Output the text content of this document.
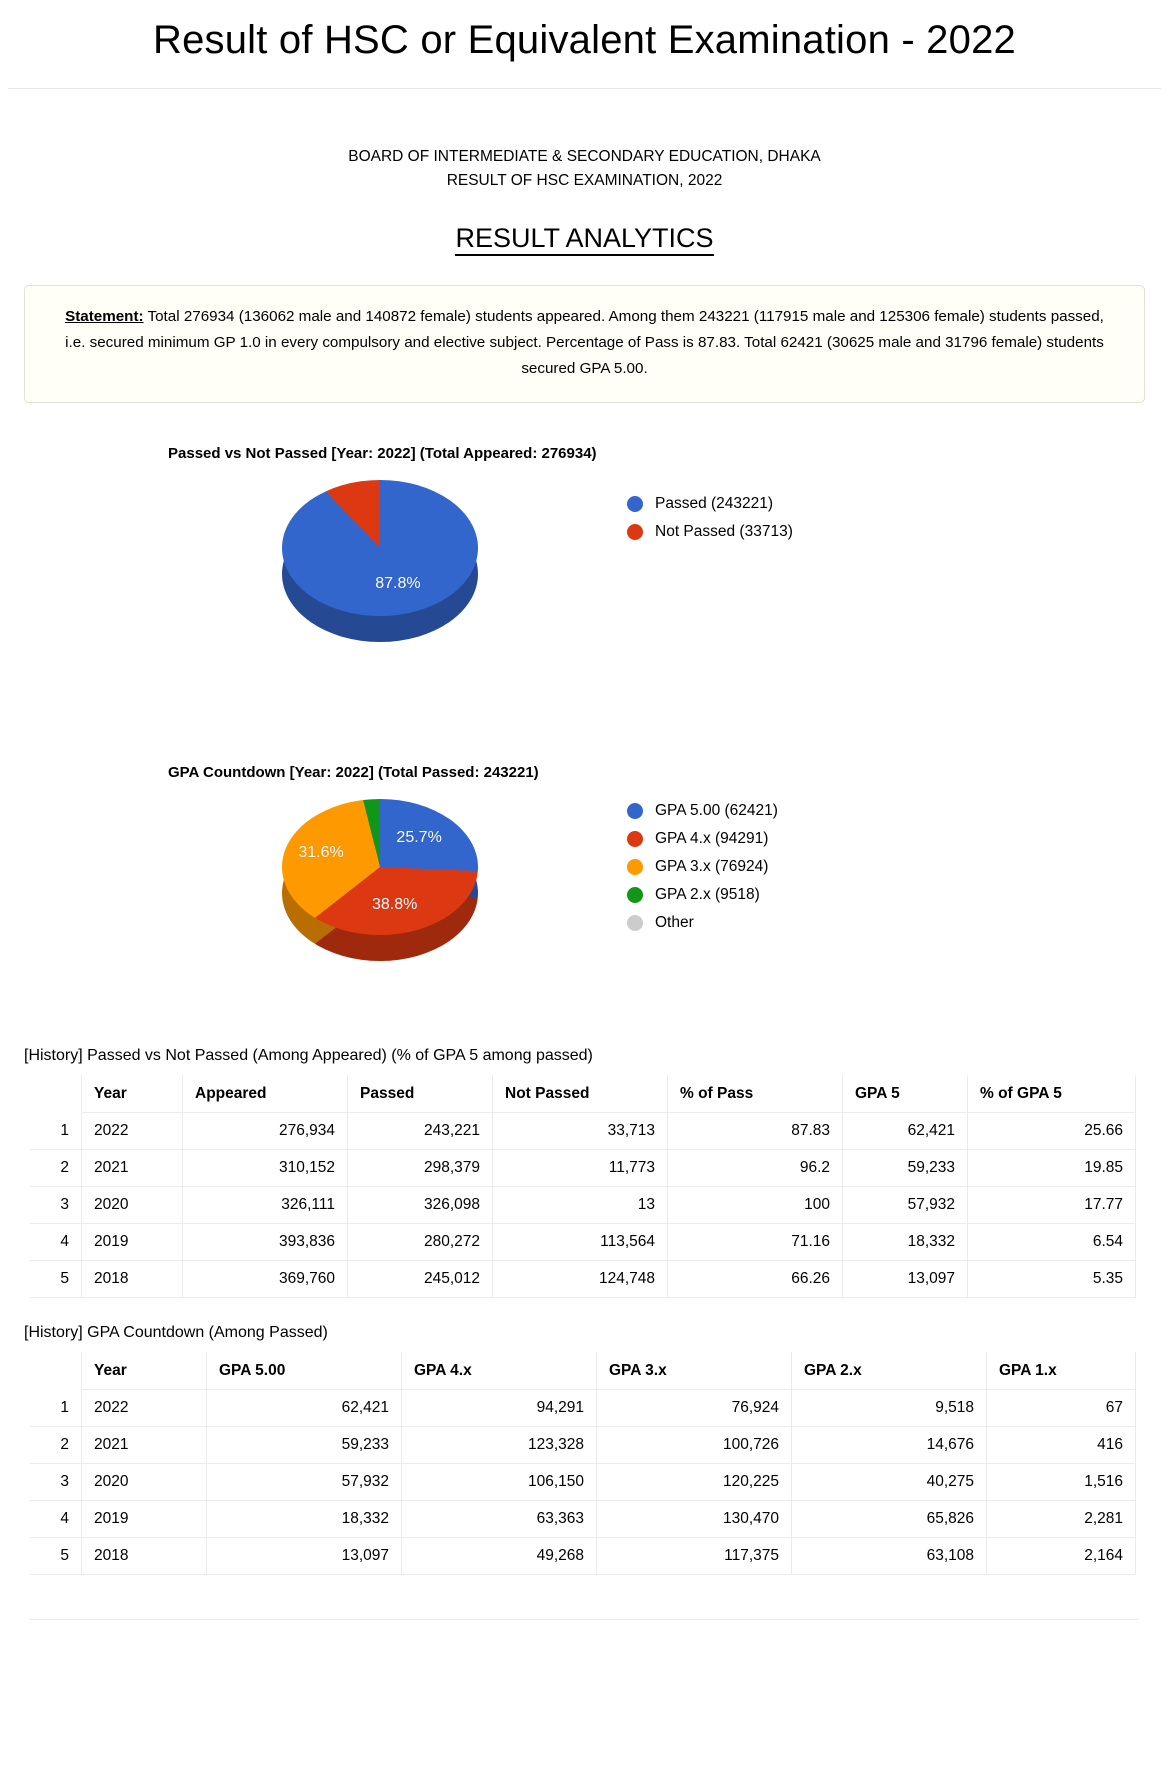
Result of HSC or Equivalent Examination - 2022
BOARD OF INTERMEDIATE & SECONDARY EDUCATION, DHAKA
RESULT OF HSC EXAMINATION, 2022
RESULT ANALYTICS
Statement: Total 276934 (136062 male and 140872 female) students appeared. Among them 243221 (117915 male and 125306 female) students passed, i.e. secured minimum GP 1.0 in every compulsory and elective subject. Percentage of Pass is 87.83. Total 62421 (30625 male and 31796 female) students secured GPA 5.00.
Passed vs Not Passed [Year: 2022] (Total Appeared: 276934)
87.8%
Passed (243221)
Not Passed (33713)
GPA Countdown [Year: 2022] (Total Passed: 243221)
25.7%
38.8%
31.6%
GPA 5.00 (62421)
GPA 4.x (94291)
GPA 3.x (76924)
GPA 2.x (9518)
Other
[History] Passed vs Not Passed (Among Appeared) (% of GPA 5 among passed)
	Year	Appeared	Passed	Not Passed	% of Pass	GPA 5	% of GPA 5
1	2022	276,934	243,221	33,713	87.83	62,421	25.66
2	2021	310,152	298,379	11,773	96.2	59,233	19.85
3	2020	326,111	326,098	13	100	57,932	17.77
4	2019	393,836	280,272	113,564	71.16	18,332	6.54
5	2018	369,760	245,012	124,748	66.26	13,097	5.35
[History] GPA Countdown (Among Passed)
	Year	GPA 5.00	GPA 4.x	GPA 3.x	GPA 2.x	GPA 1.x
1	2022	62,421	94,291	76,924	9,518	67
2	2021	59,233	123,328	100,726	14,676	416
3	2020	57,932	106,150	120,225	40,275	1,516
4	2019	18,332	63,363	130,470	65,826	2,281
5	2018	13,097	49,268	117,375	63,108	2,164
